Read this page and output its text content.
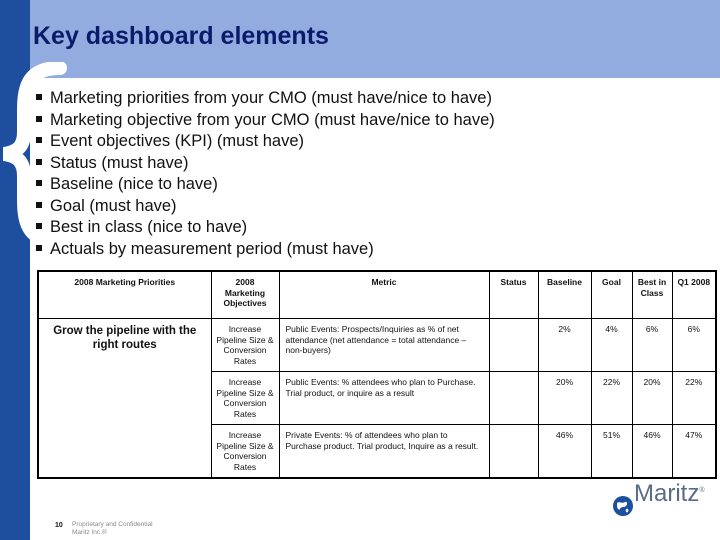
Key dashboard elements
Marketing priorities from your CMO (must have/nice to have)
Marketing objective from your CMO (must have/nice to have)
Event objectives (KPI) (must have)
Status (must have)
Baseline (nice to have)
Goal (must have)
Best in class (nice to have)
Actuals by measurement period (must have)
2008 Marketing Priorities	2008 Marketing Objectives	Metric	Status	Baseline	Goal	Best in Class	Q1 2008
Grow the pipeline with the right routes	Increase Pipeline Size & Conversion Rates	Public Events: Prospects/Inquiries as % of net attendance (net attendance = total attendance – non-buyers)		2%	4%	6%	6%
	Increase Pipeline Size & Conversion Rates	Public Events: % attendees who plan to Purchase. Trial product, or inquire as a result		20%	22%	20%	22%
	Increase Pipeline Size & Conversion Rates	Private Events: % of attendees who plan to Purchase product. Trial product, Inquire as a result.		46%	51%	46%	47%
10 Proprietary and Confidential
Maritz Inc.®
Maritz®
